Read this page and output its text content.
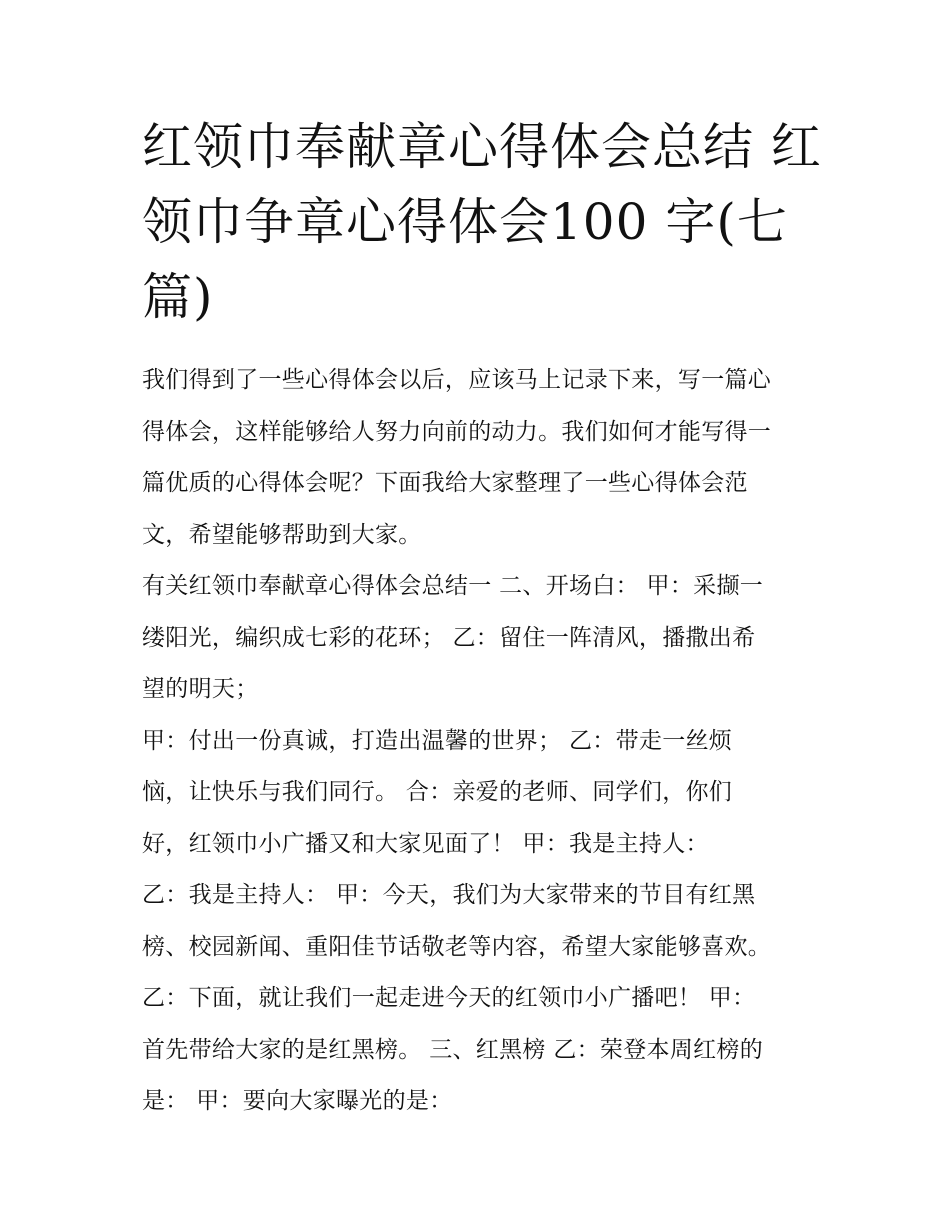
红领巾奉献章心得体会总结 红
领巾争章心得体会100 字(七
篇)

我们得到了一些心得体会以后，应该马上记录下来，写一篇心
得体会，这样能够给人努力向前的动力。我们如何才能写得一
篇优质的心得体会呢？下面我给大家整理了一些心得体会范
文，希望能够帮助到大家。

有关红领巾奉献章心得体会总结一 二、开场白： 甲：采撷一
缕阳光，编织成七彩的花环； 乙：留住一阵清风，播撒出希
望的明天；

甲：付出一份真诚，打造出温馨的世界； 乙：带走一丝烦
恼，让快乐与我们同行。 合：亲爱的老师、同学们，你们
好，红领巾小广播又和大家见面了！ 甲：我是主持人：
乙：我是主持人： 甲：今天，我们为大家带来的节目有红黑
榜、校园新闻、重阳佳节话敬老等内容，希望大家能够喜欢。
乙：下面，就让我们一起走进今天的红领巾小广播吧！ 甲：
首先带给大家的是红黑榜。 三、红黑榜 乙：荣登本周红榜的
是： 甲：要向大家曝光的是：
